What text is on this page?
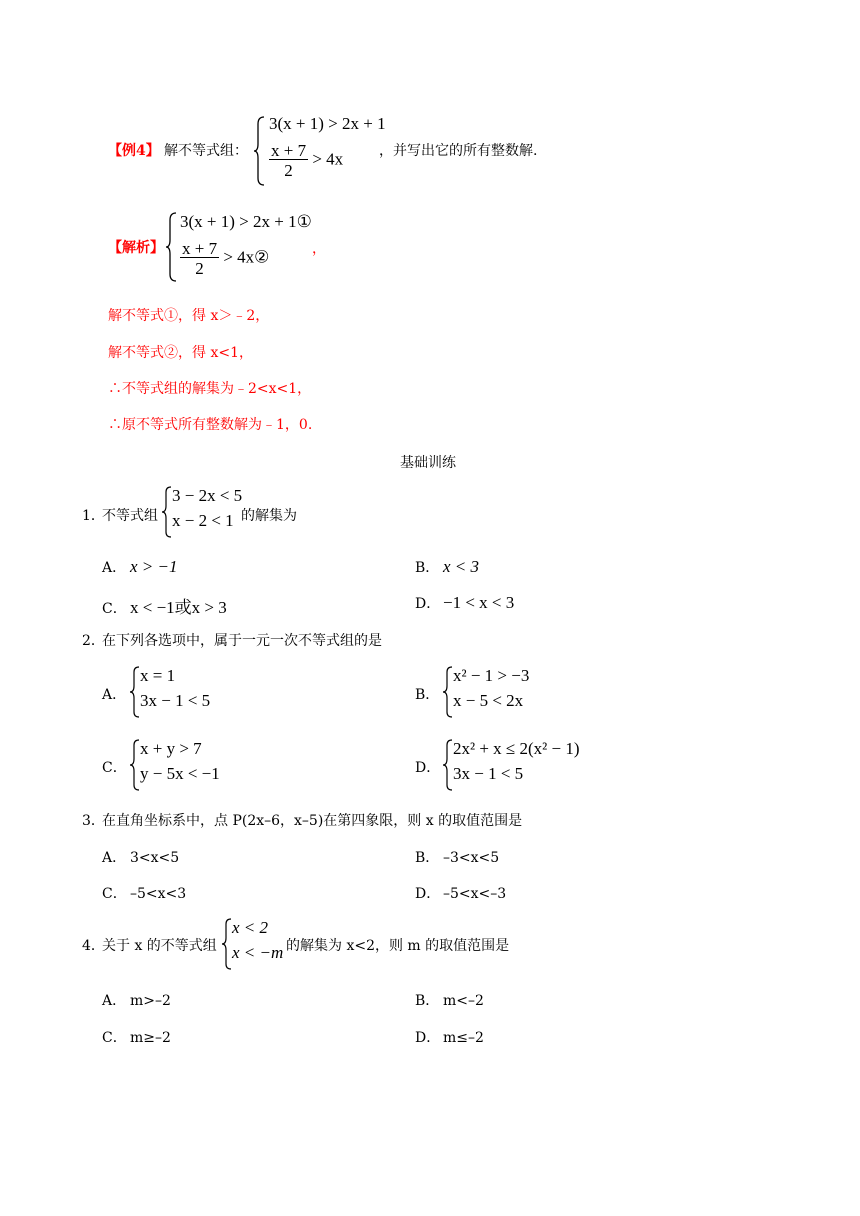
【例4】 解不等式组：
3(x + 1) > 2x + 1
$\frac{x + 7}{2} > 4x$	，并写出它的所有整数解.
【解析】
3(x + 1) > 2x + 1①
$\frac{x + 7}{2}$ > 4x②	，
解不等式①，得 x＞﹣2，
解不等式②，得 x<1，
∴不等式组的解集为﹣2<x<1，
∴原不等式所有整数解为﹣1，0.
基础训练
1．
不等式组
3 − 2x < 5
x − 2 < 1 的解集为
A． x > −1	B． x < 3
C． x < −1或x > 3	D． −1 < x < 3
2．
在下列各选项中，属于一元一次不等式组的是
A．
x = 1
3x − 1 < 5	B．
x² − 1 > −3
x − 5 < 2x
C．
x + y > 7
y − 5x < −1	D．
2x² + x ≤ 2(x² − 1)
3x − 1 < 5
3．
在直角坐标系中，点 P(2x–6，x–5)在第四象限，则 x 的取值范围是
A． 3<x<5	B． –3<x<5
C． –5<x<3	D． –5<x<–3
4．
关于 x 的不等式组
x < 2
x < −m 的解集为 x<2，则 m 的取值范围是
A． m>–2	B． m<–2
C． m≥–2	D． m≤–2
